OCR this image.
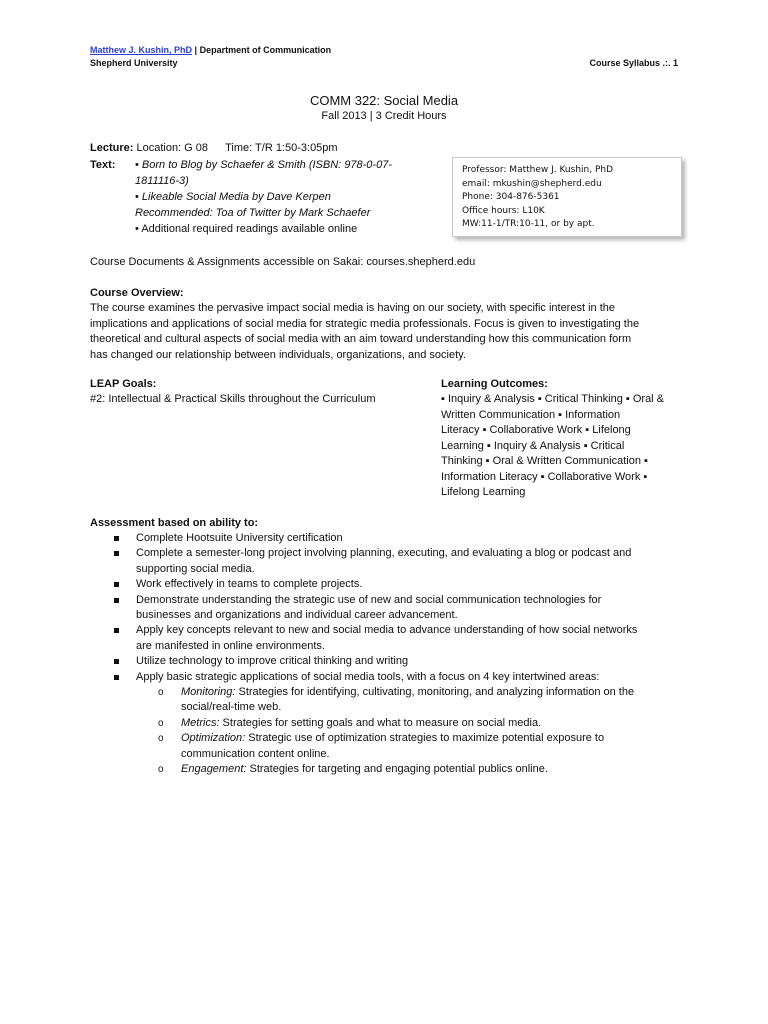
Matthew J. Kushin, PhD | Department of Communication
Shepherd University	Course Syllabus .:. 1
COMM 322: Social Media
Fall 2013 | 3 Credit Hours
Lecture: Location: G 08 Time: T/R 1:50-3:05pm
Text: • Born to Blog by Schaefer & Smith (ISBN: 978-0-07-
1811116-3)
• Likeable Social Media by Dave Kerpen
Recommended: Toa of Twitter by Mark Schaefer
• Additional required readings available online
Professor: Matthew J. Kushin, PhD
email: mkushin@shepherd.edu
Phone: 304-876-5361
Office hours: L10K
MW:11-1/TR:10-11, or by apt.
Course Documents & Assignments accessible on Sakai: courses.shepherd.edu
Course Overview:
The course examines the pervasive impact social media is having on our society, with specific interest in the
implications and applications of social media for strategic media professionals. Focus is given to investigating the
theoretical and cultural aspects of social media with an aim toward understanding how this communication form
has changed our relationship between individuals, organizations, and society.
LEAP Goals:
#2: Intellectual & Practical Skills throughout the Curriculum
Learning Outcomes:
▪ Inquiry & Analysis ▪ Critical Thinking ▪ Oral &
Written Communication ▪ Information
Literacy ▪ Collaborative Work ▪ Lifelong
Learning ▪ Inquiry & Analysis ▪ Critical
Thinking ▪ Oral & Written Communication ▪
Information Literacy ▪ Collaborative Work ▪
Lifelong Learning
Assessment based on ability to:
Complete Hootsuite University certification
Complete a semester-long project involving planning, executing, and evaluating a blog or podcast and
supporting social media.
Work effectively in teams to complete projects.
Demonstrate understanding the strategic use of new and social communication technologies for
businesses and organizations and individual career advancement.
Apply key concepts relevant to new and social media to advance understanding of how social networks
are manifested in online environments.
Utilize technology to improve critical thinking and writing
Apply basic strategic applications of social media tools, with a focus on 4 key intertwined areas:
o Monitoring: Strategies for identifying, cultivating, monitoring, and analyzing information on the
social/real-time web.
o Metrics: Strategies for setting goals and what to measure on social media.
o Optimization: Strategic use of optimization strategies to maximize potential exposure to
communication content online.
o Engagement: Strategies for targeting and engaging potential publics online.
